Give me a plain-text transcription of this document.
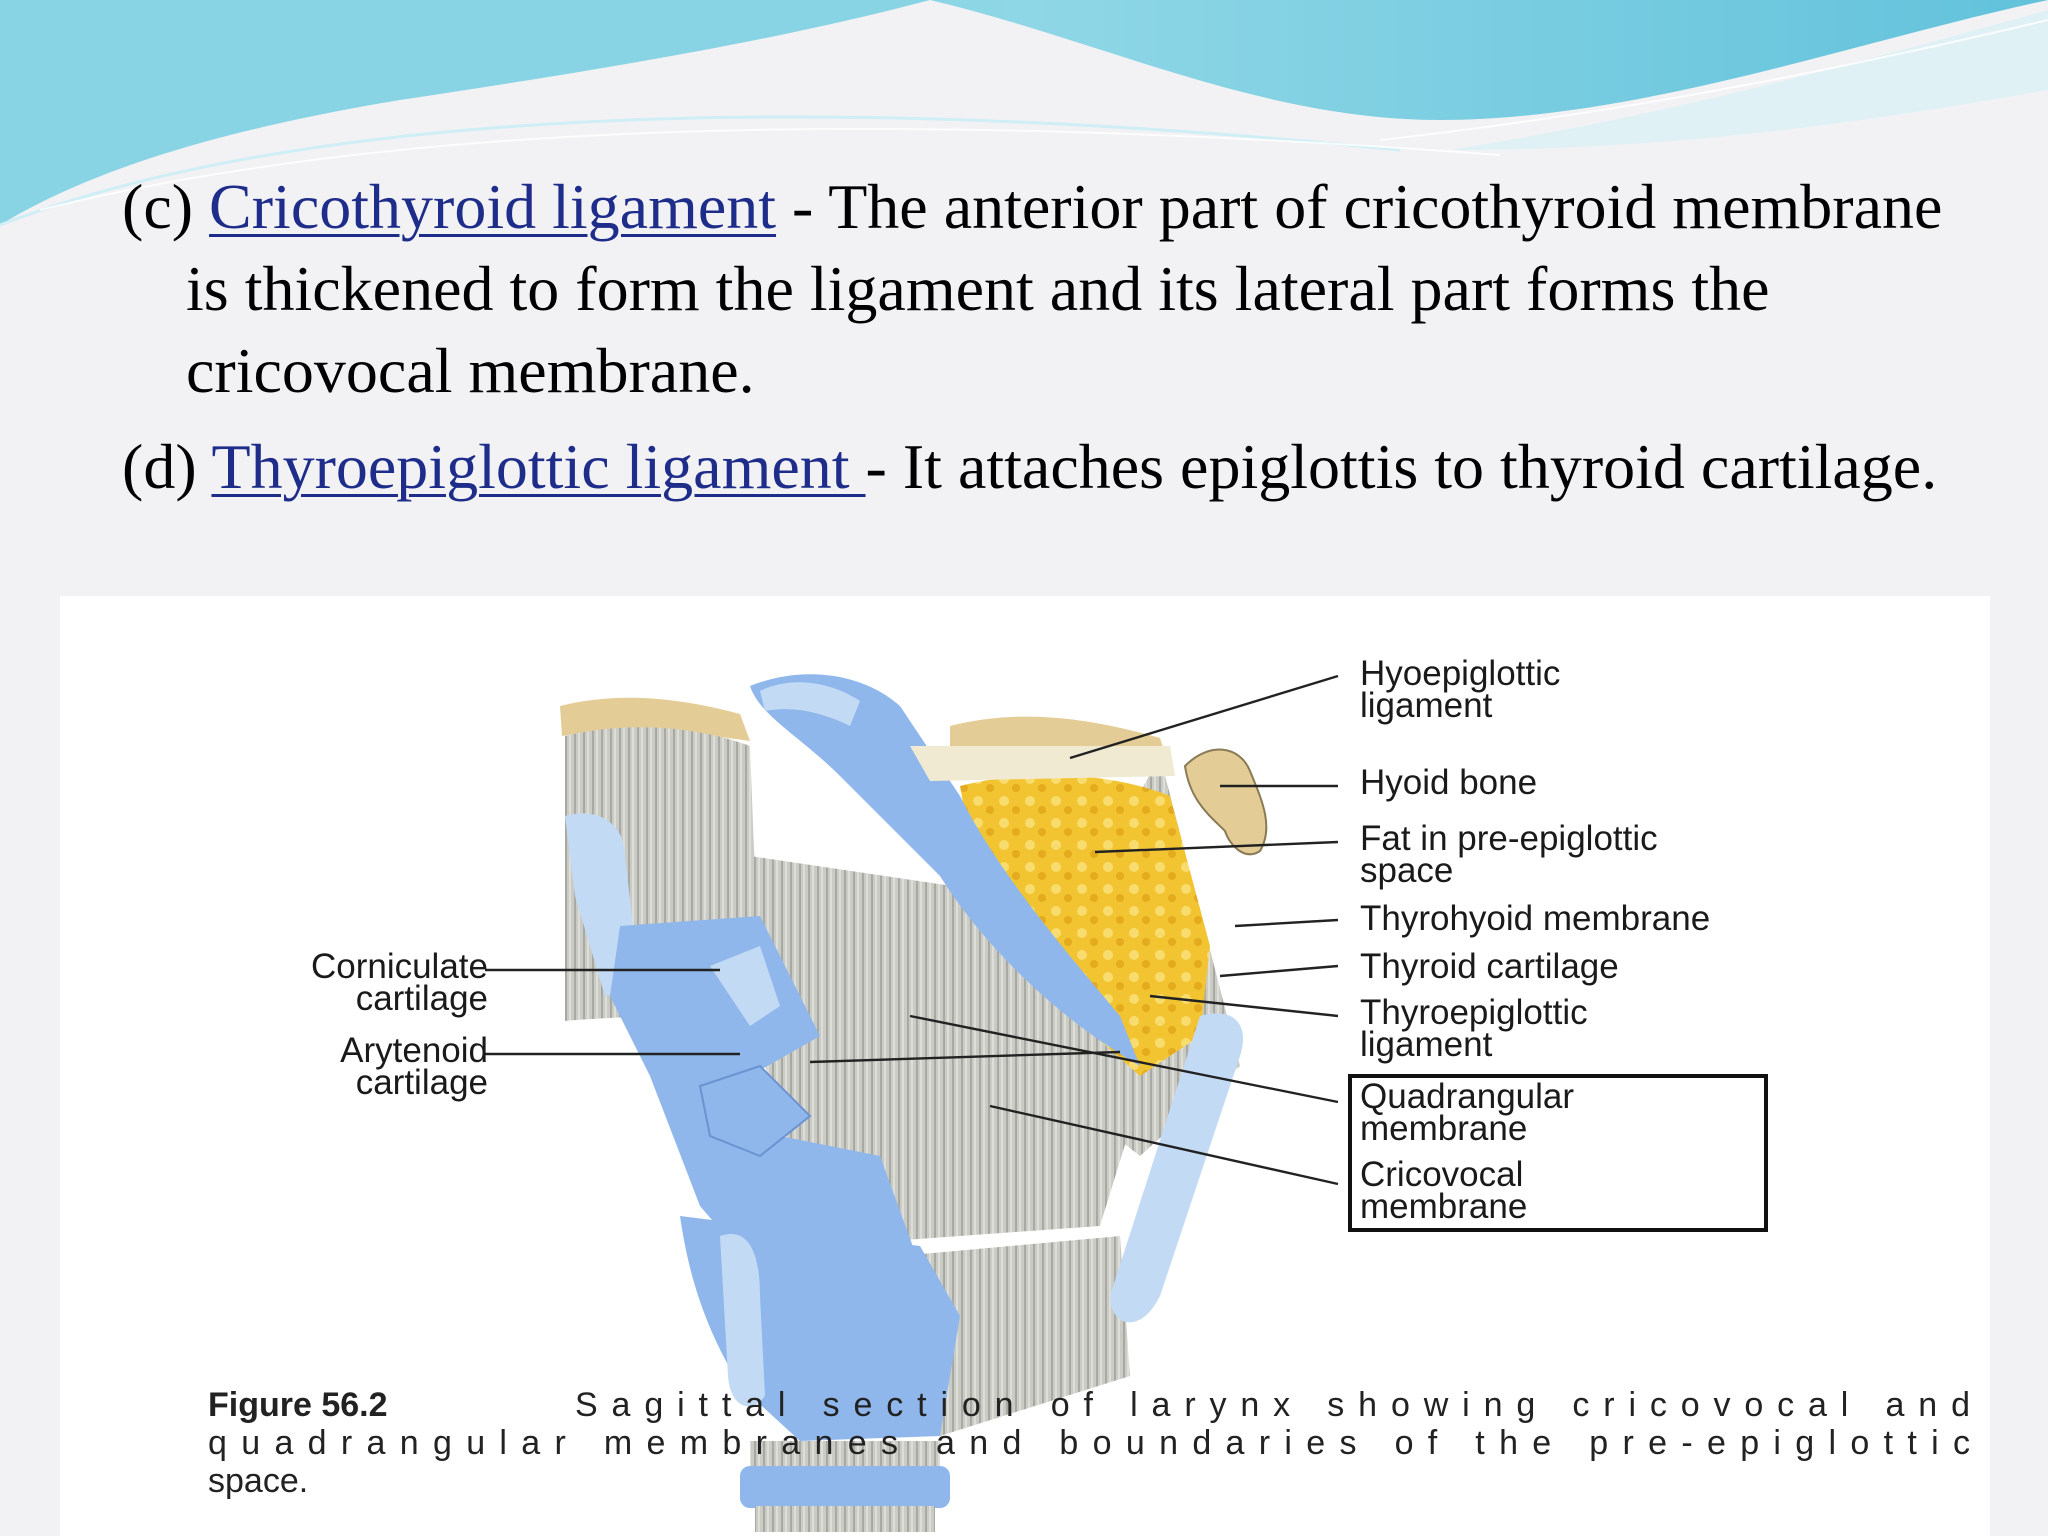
(c) Cricothyroid ligament - The anterior part of cricothyroid membrane is thickened to form the ligament and its lateral part forms the cricovocal membrane.

(d) Thyroepiglottic ligament - It attaches epiglottis to thyroid cartilage.

Hyoepiglottic
ligament
Hyoid bone
Fat in pre-epiglottic
space
Thyrohyoid membrane
Thyroid cartilage
Thyroepiglottic
ligament
Quadrangular
membrane
Cricovocal
membrane
Corniculate
cartilage
Arytenoid
cartilage
Figure 56.2	Sagittal section of larynx showing cricovocal and
quadrangular membranes and boundaries of the pre-epiglottic
space.
